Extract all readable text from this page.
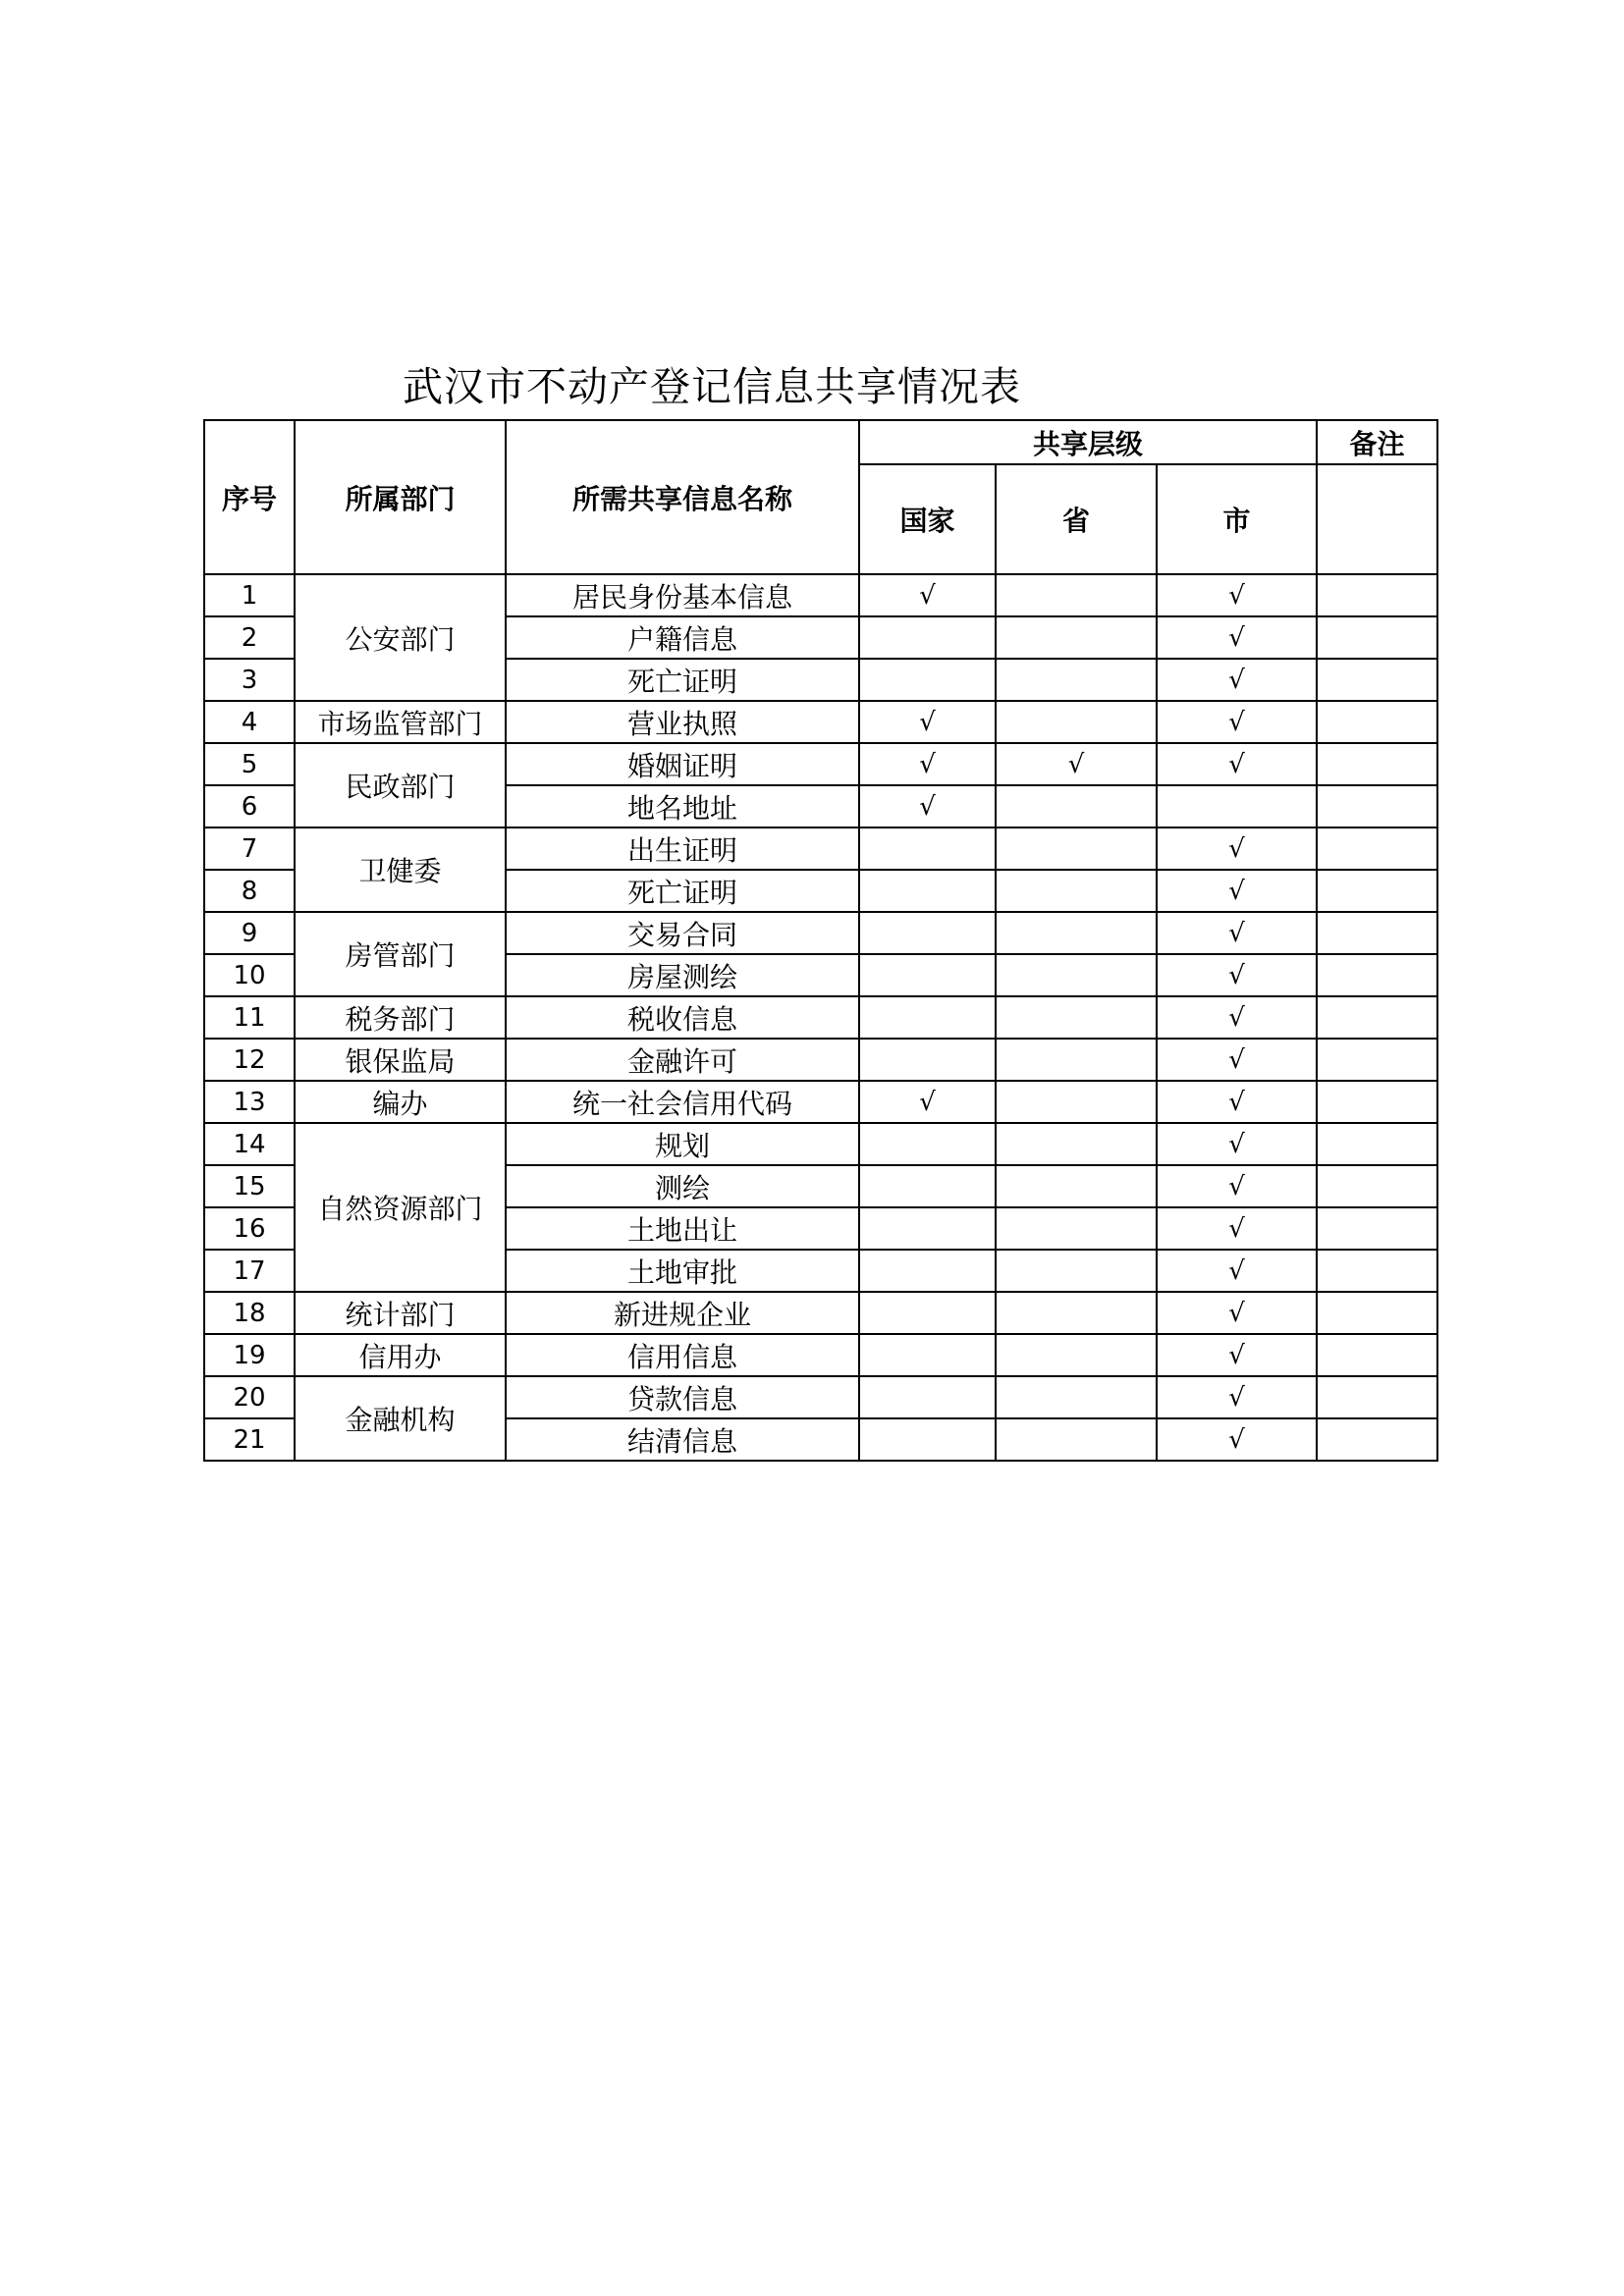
武汉市不动产登记信息共享情况表
序号	所属部门	所需共享信息名称	共享层级			备注
			国家	省	市	
1	公安部门	居民身份基本信息	√		√	
2		户籍信息			√	
3		死亡证明			√	
4	市场监管部门	营业执照	√		√	
5	民政部门	婚姻证明	√	√	√	
6		地名地址	√			
7	卫健委	出生证明			√	
8		死亡证明			√	
9	房管部门	交易合同			√	
10		房屋测绘			√	
11	税务部门	税收信息			√	
12	银保监局	金融许可			√	
13	编办	统一社会信用代码	√		√	
14	自然资源部门	规划			√	
15		测绘			√	
16		土地出让			√	
17		土地审批			√	
18	统计部门	新进规企业			√	
19	信用办	信用信息			√	
20	金融机构	贷款信息			√	
21		结清信息			√	
